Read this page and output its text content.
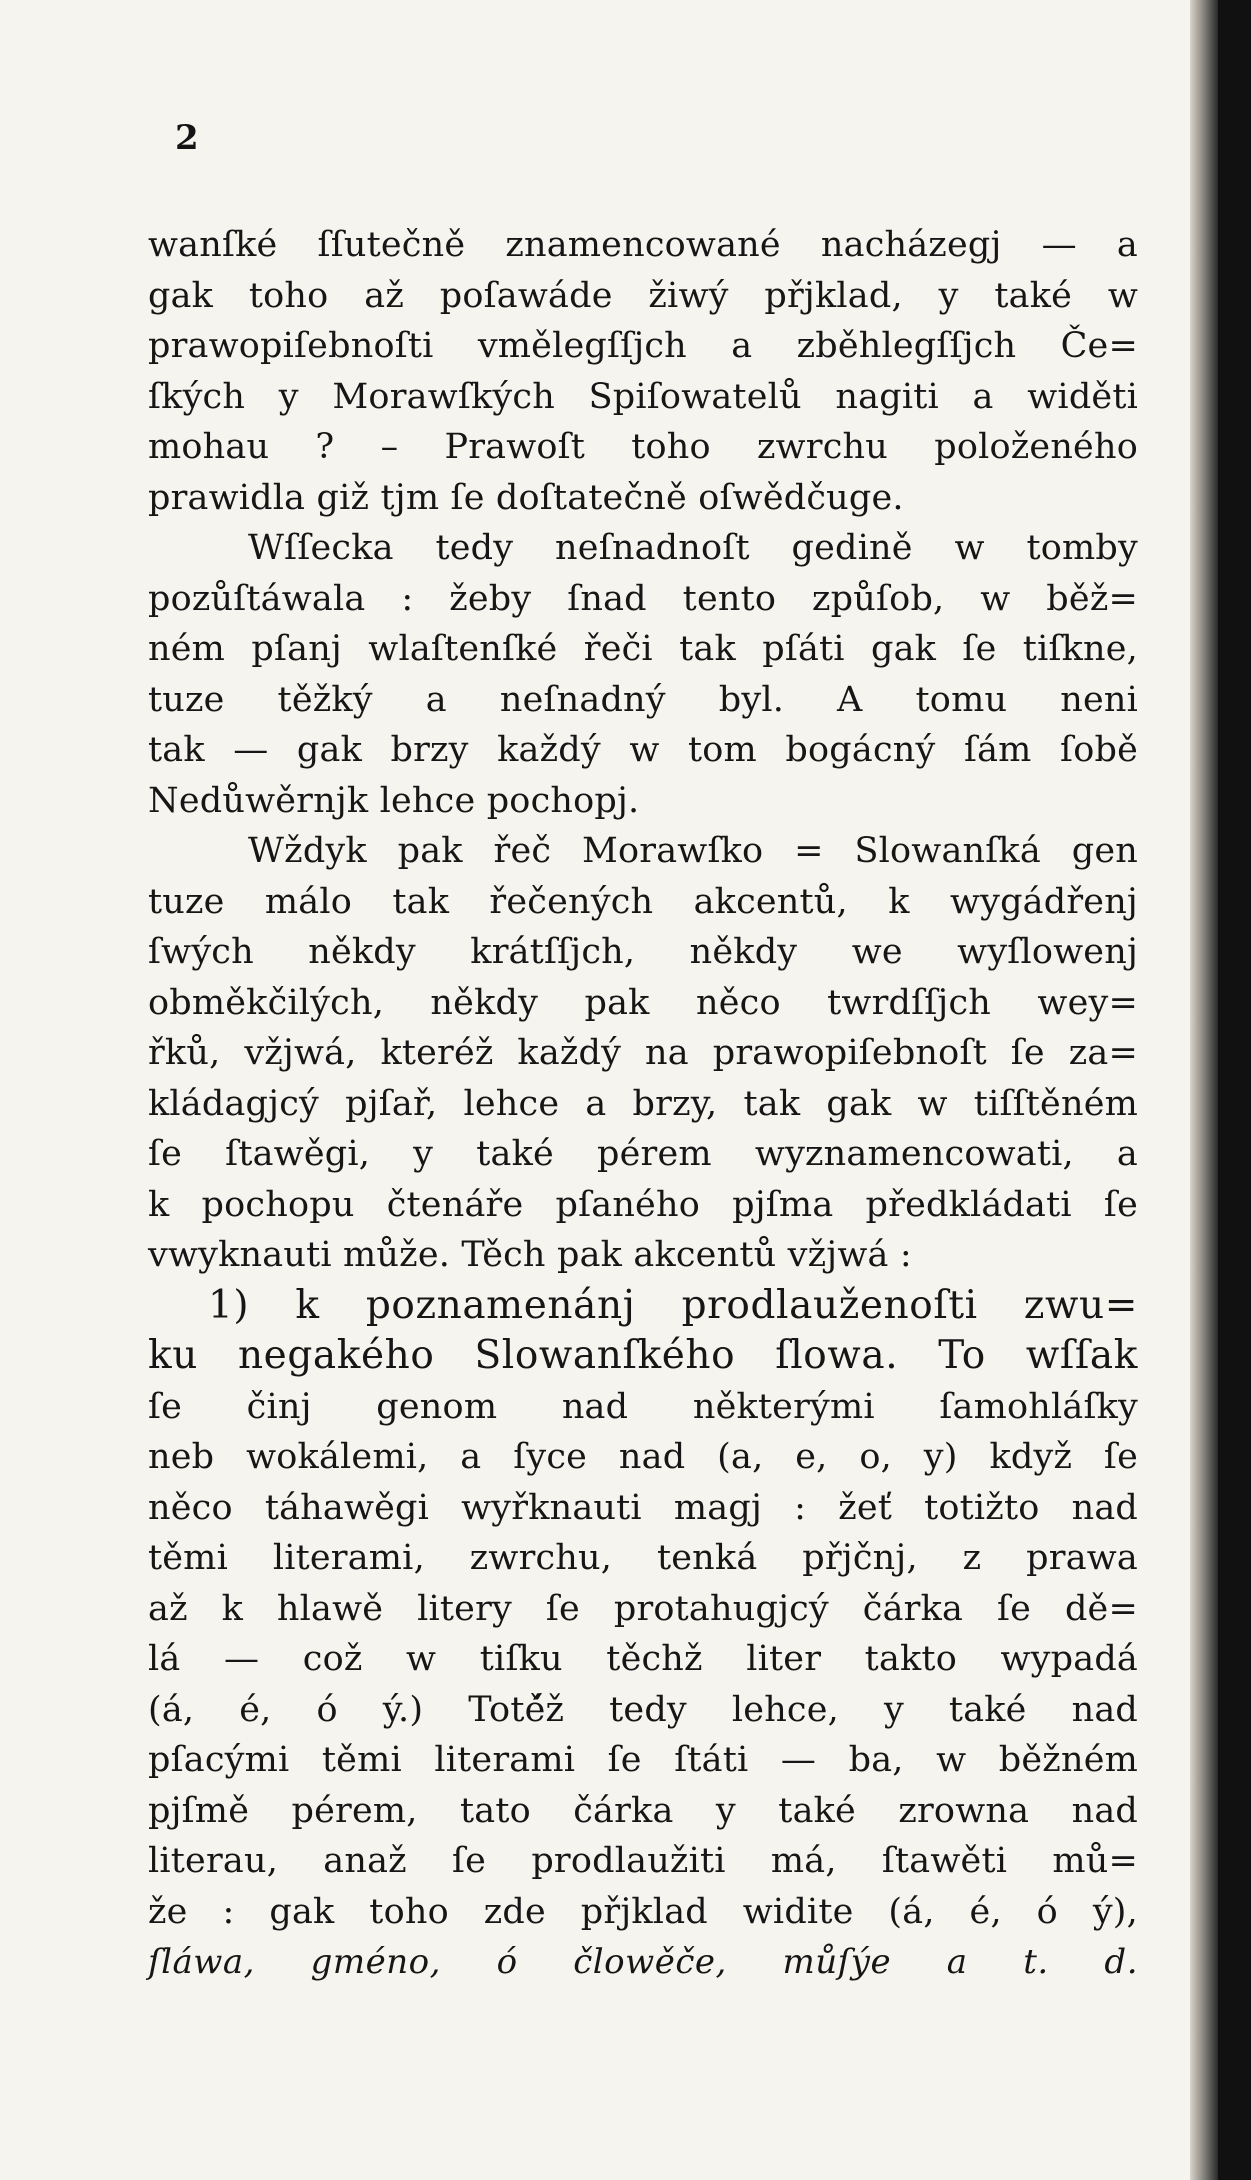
2
wanſké ſſutečně znamencowané nacházegj — a
gak toho až poſawáde žiwý přjklad, y také w
prawopiſebnoſti vmělegſſjch a zběhlegſſjch Če=
ſkých y Morawſkých Spiſowatelů nagiti a widěti
mohau ? – Prawoſt toho zwrchu položeného
prawidla giž tjm ſe doſtatečně oſwědčuge.
Wſſecka tedy neſnadnoſt gedině w tomby
pozůſtáwala : žeby ſnad tento způſob, w běž=
ném pſanj wlaſtenſké řeči tak pſáti gak ſe tiſkne,
tuze těžký a neſnadný byl. A tomu neni
tak — gak brzy každý w tom bogácný ſám ſobě
Nedůwěrnjk lehce pochopj.
Wždyk pak řeč Morawſko = Slowanſká gen
tuze málo tak řečených akcentů, k wygádřenj
ſwých někdy krátſſjch, někdy we wyſlowenj
obměkčilých, někdy pak něco twrdſſjch wey=
řků, vžjwá, kteréž každý na prawopiſebnoſt ſe za=
kládagjcý pjſař, lehce a brzy, tak gak w tiſſtěném
ſe ſtawěgi, y také pérem wyznamencowati, a
k pochopu čtenáře pſaného pjſma předkládati ſe
vwyknauti může. Těch pak akcentů vžjwá :
1) k poznamenánj prodlauženoſti zwu=
ku negakého Slowanſkého ſlowa. To wſſak
ſe činj genom nad některými ſamohláſky
neb wokálemi, a ſyce nad (a, e, o, y) když ſe
něco táhawěgi wyřknauti magj : žeť totižto nad
těmi literami, zwrchu, tenká přjčnj, z prawa
až k hlawě litery ſe protahugjcý čárka ſe dě=
lá — což w tiſku těchž liter takto wypadá
(á, é, ó ý.) Toté̌ž tedy lehce, y také nad
pſacými těmi literami ſe ſtáti — ba, w běžném
pjſmě pérem, tato čárka y také zrowna nad
literau, anaž ſe prodlaužiti má, ſtawěti mů=
že : gak toho zde přjklad widite (á, é, ó ý),
ſláwa, gméno, ó člowěče, můſýe a t. d.
